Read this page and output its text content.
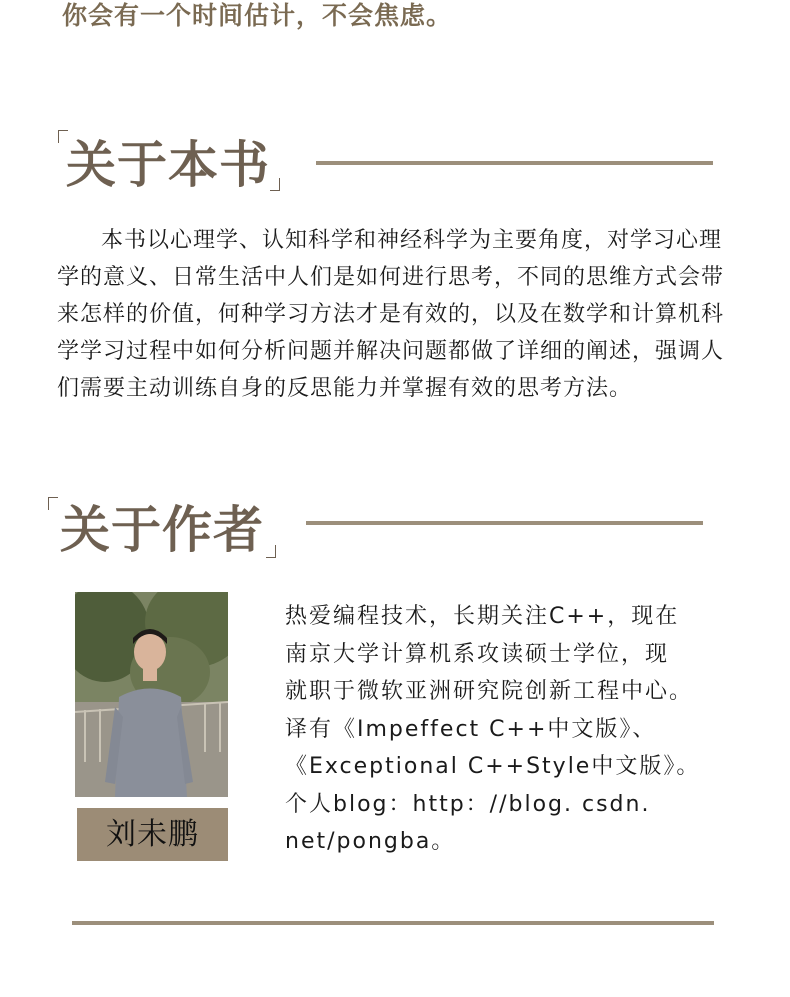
你会有一个时间估计，不会焦虑。
关于本书

本书以心理学、认知科学和神经科学为主要角度，对学习心理学的意义、日常生活中人们是如何进行思考，不同的思维方式会带来怎样的价值，何种学习方法才是有效的，以及在数学和计算机科学学习过程中如何分析问题并解决问题都做了详细的阐述，强调人们需要主动训练自身的反思能力并掌握有效的思考方法。

关于作者
刘未鹏
热爱编程技术，长期关注C++，现在
南京大学计算机系攻读硕士学位，现
就职于微软亚洲研究院创新工程中心。
译有《Impeffect C++中文版》、
《Exceptional C++Style中文版》。
个人blog：http：//blog. csdn.
net/pongba。
